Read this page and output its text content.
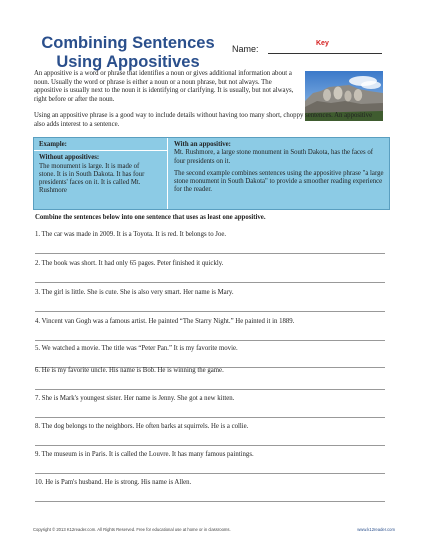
Combining Sentences
Using Appositives
Name:
Key
An appositive is a word or phrase that identifies a noun or gives additional information about a noun. Usually the word or phrase is either a noun or a noun phrase, but not always. The appositive is usually next to the noun it is identifying or clarifying. It is usually, but not always, right before or after the noun.
Using an appositive phrase is a good way to include details without having too many short, choppy sentences. An appositive also adds interest to a sentence.
Example:
Without appositives:
The monument is large. It is made of stone. It is in South Dakota. It has four presidents' faces on it. It is called Mt. Rushmore
With an appositive:
Mt. Rushmore, a large stone monument in South Dakota, has the faces of four presidents on it.
The second example combines sentences using the appositive phrase "a large stone monument in South Dakota" to provide a smoother reading experience for the reader.
Combine the sentences below into one sentence that uses as least one appositive.
1. The car was made in 2009. It is a Toyota. It is red. It belongs to Joe.
2. The book was short. It had only 65 pages. Peter finished it quickly.
3. The girl is little. She is cute. She is also very smart. Her name is Mary.
4. Vincent van Gogh was a famous artist. He painted “The Starry Night.” He painted it in 1889.
5. We watched a movie. The title was “Peter Pan.” It is my favorite movie.
6. He is my favorite uncle. His name is Bob. He is winning the game.
7. She is Mark's youngest sister. Her name is Jenny. She got a new kitten.
8. The dog belongs to the neighbors. He often barks at squirrels. He is a collie.
9. The museum is in Paris. It is called the Louvre. It has many famous paintings.
10. He is Pam's husband. He is strong. His name is Allen.
Copyright © 2013 K12reader.com. All Rights Reserved. Free for educational use at home or in classrooms.	www.k12reader.com
